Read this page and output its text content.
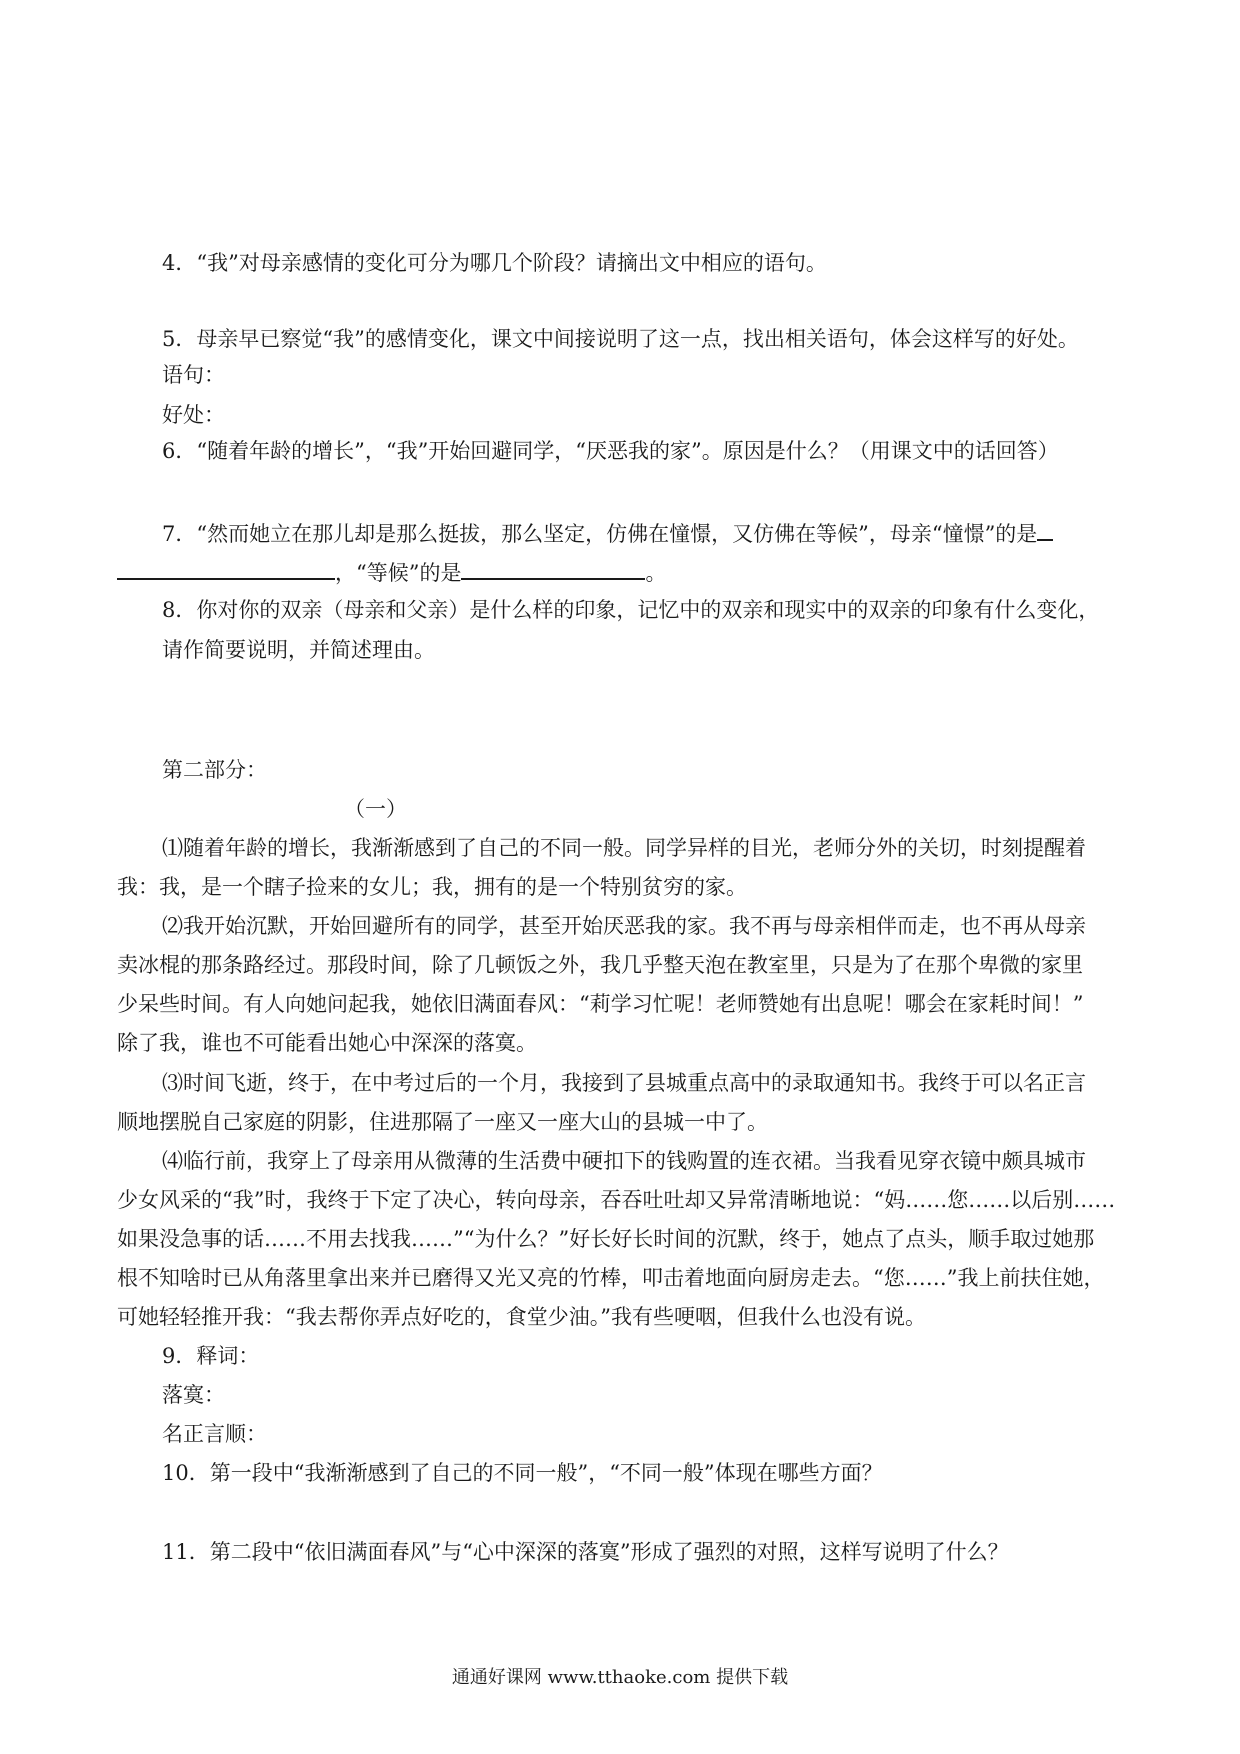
4．“我”对母亲感情的变化可分为哪几个阶段？请摘出文中相应的语句。
5．母亲早已察觉“我”的感情变化，课文中间接说明了这一点，找出相关语句，体会这样写的好处。
语句：
好处：
6．“随着年龄的增长”，“我”开始回避同学，“厌恶我的家”。原因是什么？（用课文中的话回答）
7．“然而她立在那儿却是那么挺拔，那么坚定，仿佛在憧憬，又仿佛在等候”，母亲“憧憬”的是
，“等候”的是	。
8．你对你的双亲（母亲和父亲）是什么样的印象，记忆中的双亲和现实中的双亲的印象有什么变化，
请作简要说明，并简述理由。
第二部分：
（一）
⑴随着年龄的增长，我渐渐感到了自己的不同一般。同学异样的目光，老师分外的关切，时刻提醒着
我：我，是一个瞎子捡来的女儿；我，拥有的是一个特别贫穷的家。
⑵我开始沉默，开始回避所有的同学，甚至开始厌恶我的家。我不再与母亲相伴而走，也不再从母亲
卖冰棍的那条路经过。那段时间，除了几顿饭之外，我几乎整天泡在教室里，只是为了在那个卑微的家里
少呆些时间。有人向她问起我，她依旧满面春风：“莉学习忙呢！老师赞她有出息呢！哪会在家耗时间！”
除了我，谁也不可能看出她心中深深的落寞。
⑶时间飞逝，终于，在中考过后的一个月，我接到了县城重点高中的录取通知书。我终于可以名正言
顺地摆脱自己家庭的阴影，住进那隔了一座又一座大山的县城一中了。
⑷临行前，我穿上了母亲用从微薄的生活费中硬扣下的钱购置的连衣裙。当我看见穿衣镜中颇具城市
少女风采的“我”时，我终于下定了决心，转向母亲，吞吞吐吐却又异常清晰地说：“妈……您……以后别……
如果没急事的话……不用去找我……”“为什么？”好长好长时间的沉默，终于，她点了点头，顺手取过她那
根不知啥时已从角落里拿出来并已磨得又光又亮的竹棒，叩击着地面向厨房走去。“您……”我上前扶住她，
可她轻轻推开我：“我去帮你弄点好吃的，食堂少油。”我有些哽咽，但我什么也没有说。
9．释词：
落寞：
名正言顺：
10．第一段中“我渐渐感到了自己的不同一般”，“不同一般”体现在哪些方面？
11．第二段中“依旧满面春风”与“心中深深的落寞”形成了强烈的对照，这样写说明了什么？
通通好课网 www.tthaoke.com 提供下载
